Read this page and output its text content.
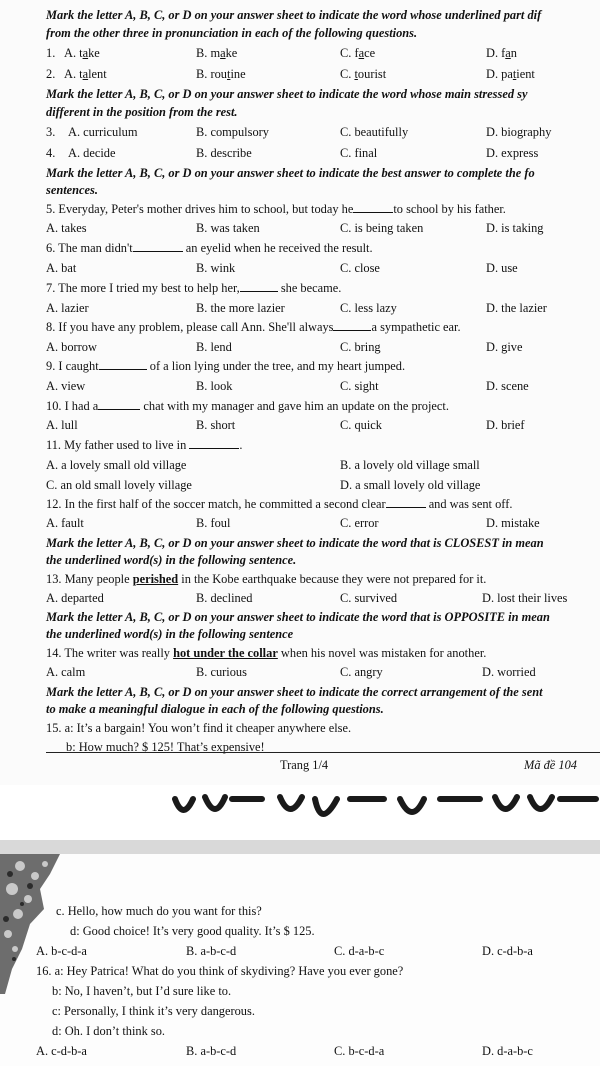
Mark the letter A, B, C, or D on your answer sheet to indicate the word whose underlined part dif
from the other three in pronunciation in each of the following questions.
1. A. take	B. make	C. face	D. fan
2. A. talent	B. routine	C. tourist	D. patient
Mark the letter A, B, C, or D on your answer sheet to indicate the word whose main stressed sy
different in the position from the rest.
3. A. curriculum	B. compulsory	C. beautifully	D. biography
4. A. decide	B. describe	C. final	D. express
Mark the letter A, B, C, or D on your answer sheet to indicate the best answer to complete the fo
sentences.
5. Everyday, Peter's mother drives him to school, but today he	to school by his father.
A. takes	B. was taken	C. is being taken	D. is taking
6. The man didn't	an eyelid when he received the result.
A. bat	B. wink	C. close	D. use
7. The more I tried my best to help her,	she became.
A. lazier	B. the more lazier	C. less lazy	D. the lazier
8. If you have any problem, please call Ann. She'll always	a sympathetic ear.
A. borrow	B. lend	C. bring	D. give
9. I caught	of a lion lying under the tree, and my heart jumped.
A. view	B. look	C. sight	D. scene
10. I had a	chat with my manager and gave him an update on the project.
A. lull	B. short	C. quick	D. brief
11. My father used to live in	.
A. a lovely small old village	B. a lovely old village small
C. an old small lovely village	D. a small lovely old village
12. In the first half of the soccer match, he committed a second clear	and was sent off.
A. fault	B. foul	C. error	D. mistake
Mark the letter A, B, C, or D on your answer sheet to indicate the word that is CLOSEST in mean
the underlined word(s) in the following sentence.
13. Many people perished in the Kobe earthquake because they were not prepared for it.
A. departed	B. declined	C. survived	D. lost their lives
Mark the letter A, B, C, or D on your answer sheet to indicate the word that is OPPOSITE in mean
the underlined word(s) in the following sentence
14. The writer was really hot under the collar when his novel was mistaken for another.
A. calm	B. curious	C. angry	D. worried
Mark the letter A, B, C, or D on your answer sheet to indicate the correct arrangement of the sent
to make a meaningful dialogue in each of the following questions.
15. a: It’s a bargain! You won’t find it cheaper anywhere else.
b: How much? $ 125! That’s expensive!
Trang 1/4	Mã đề 104
c. Hello, how much do you want for this?
d: Good choice! It’s very good quality. It’s $ 125.
A. b-c-d-a	B. a-b-c-d	C. d-a-b-c	D. c-d-b-a
16. a: Hey Patrica! What do you think of skydiving? Have you ever gone?
b: No, I haven’t, but I’d sure like to.
c: Personally, I think it’s very dangerous.
d: Oh. I don’t think so.
A. c-d-b-a	B. a-b-c-d	C. b-c-d-a	D. d-a-b-c
